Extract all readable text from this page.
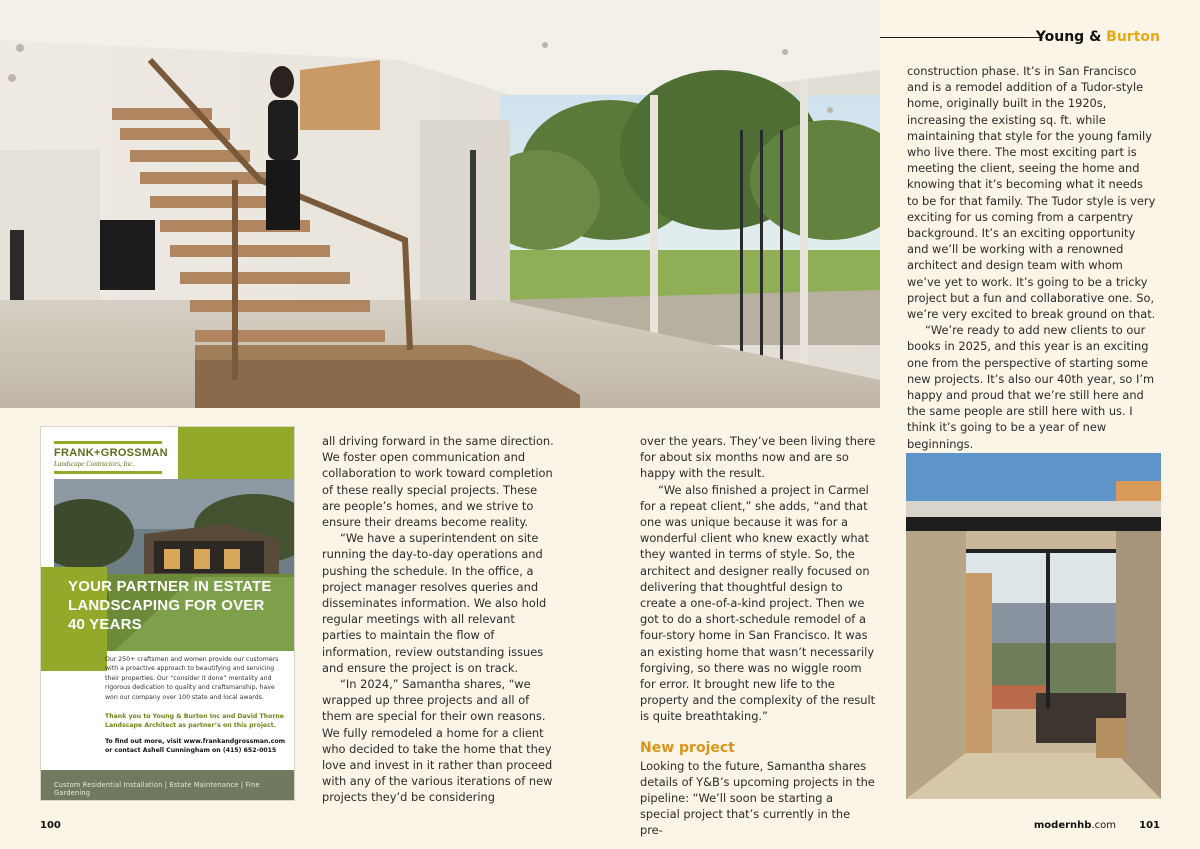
Young & Burton
FRANK+GROSSMAN
Landscape Contractors, Inc.
YOUR PARTNER IN ESTATE LANDSCAPING FOR OVER 40 YEARS
Our 250+ craftsmen and women provide our customers with a proactive approach to beautifying and servicing their properties. Our “consider it done” mentality and rigorous dedication to quality and craftsmanship, have won our company over 100 state and local awards.
Thank you to Young & Burton Inc and David Thorne Landscape Architect as partner’s on this project.
To find out more, visit www.frankandgrossman.com
or contact Ashell Cunningham on (415) 652-0015
Custom Residential Installation | Estate Maintenance | Fine Gardening

all driving forward in the same direction. We foster open communication and collaboration to work toward completion of these really special projects. These are people’s homes, and we strive to ensure their dreams become reality.

“We have a superintendent on site running the day-to-day operations and pushing the schedule. In the office, a project manager resolves queries and disseminates information. We also hold regular meetings with all relevant parties to maintain the flow of information, review outstanding issues and ensure the project is on track.

“In 2024,” Samantha shares, “we wrapped up three projects and all of them are special for their own reasons. We fully remodeled a home for a client who decided to take the home that they love and invest in it rather than proceed with any of the various iterations of new projects they’d be considering

over the years. They’ve been living there for about six months now and are so happy with the result.

“We also finished a project in Carmel for a repeat client,” she adds, “and that one was unique because it was for a wonderful client who knew exactly what they wanted in terms of style. So, the architect and designer really focused on delivering that thoughtful design to create a one-of-a-kind project. Then we got to do a short-schedule remodel of a four-story home in San Francisco. It was an existing home that wasn’t necessarily forgiving, so there was no wiggle room for error. It brought new life to the property and the complexity of the result is quite breathtaking.”

New project

Looking to the future, Samantha shares details of Y&B’s upcoming projects in the pipeline: “We’ll soon be starting a special project that’s currently in the pre-

construction phase. It’s in San Francisco and is a remodel addition of a Tudor-style home, originally built in the 1920s, increasing the existing sq. ft. while maintaining that style for the young family who live there. The most exciting part is meeting the client, seeing the home and knowing that it’s becoming what it needs to be for that family. The Tudor style is very exciting for us coming from a carpentry background. It’s an exciting opportunity and we’ll be working with a renowned architect and design team with whom we’ve yet to work. It’s going to be a tricky project but a fun and collaborative one. So, we’re very excited to break ground on that.

“We’re ready to add new clients to our books in 2025, and this year is an exciting one from the perspective of starting some new projects. It’s also our 40th year, so I’m happy and proud that we’re still here and the same people are still here with us. I think it’s going to be a year of new beginnings.

100	modernhb.com 101
